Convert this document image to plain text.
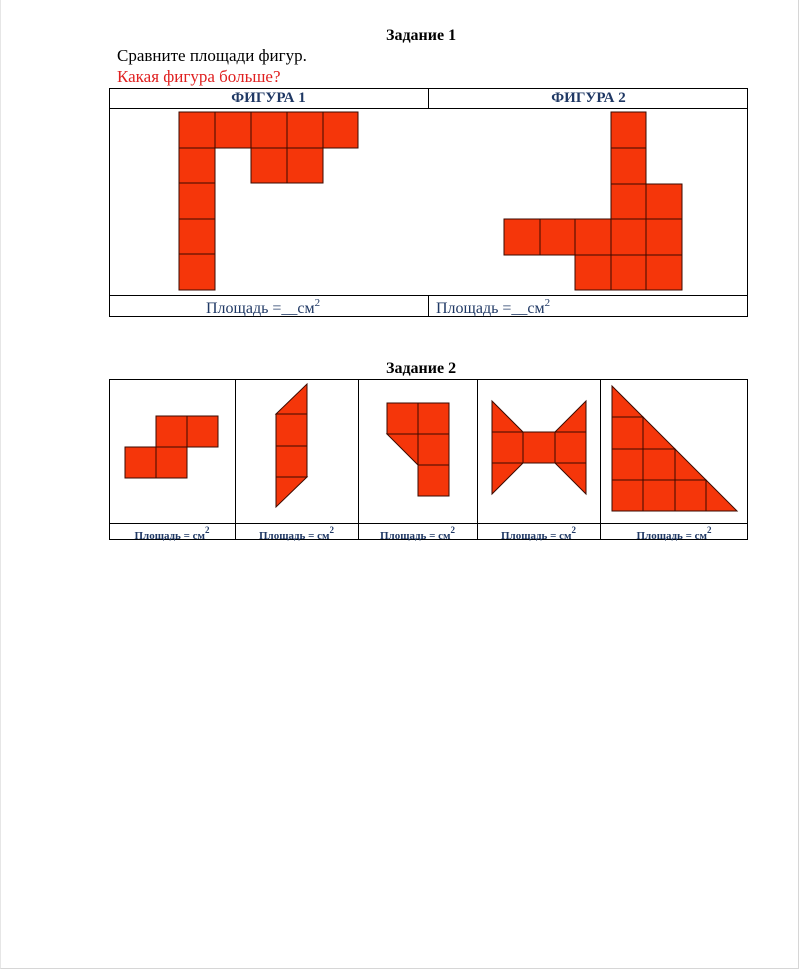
Задание 1
Сравните площади фигур.
Какая фигура больше?
ФИГУРА 1	ФИГУРА 2
Площадь $=\_\_см^2$	Площадь $=\_\_см^2$
Задание 2
Площадь = $см^2$	Площадь = $см^2$	Площадь = $см^2$	Площадь = $см^2$	Площадь = $см^2$
